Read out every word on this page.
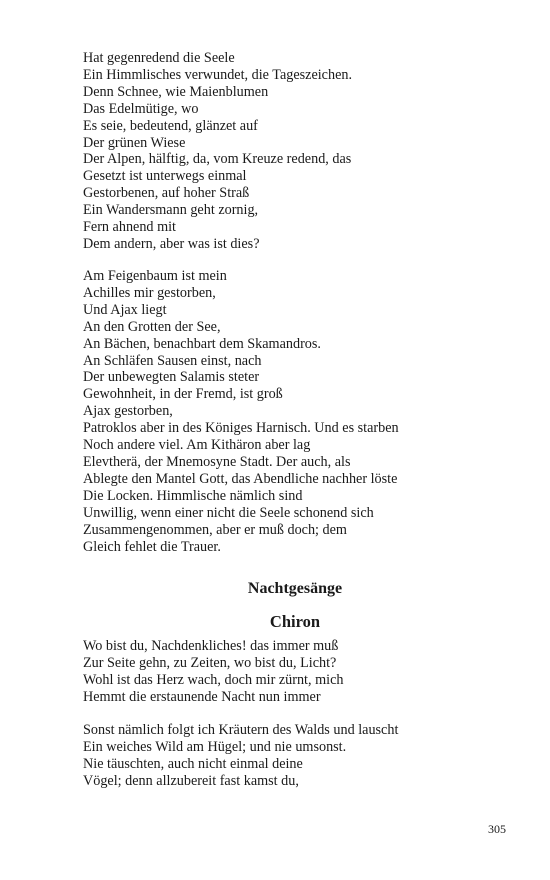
Hat gegenredend die Seele
Ein Himmlisches verwundet, die Tageszeichen.
Denn Schnee, wie Maienblumen
Das Edelmütige, wo
Es seie, bedeutend, glänzet auf
Der grünen Wiese
Der Alpen, hälftig, da, vom Kreuze redend, das
Gesetzt ist unterwegs einmal
Gestorbenen, auf hoher Straß
Ein Wandersmann geht zornig,
Fern ahnend mit
Dem andern, aber was ist dies?
Am Feigenbaum ist mein
Achilles mir gestorben,
Und Ajax liegt
An den Grotten der See,
An Bächen, benachbart dem Skamandros.
An Schläfen Sausen einst, nach
Der unbewegten Salamis steter
Gewohnheit, in der Fremd, ist groß
Ajax gestorben,
Patroklos aber in des Königes Harnisch. Und es starben
Noch andere viel. Am Kithäron aber lag
Elevtherä, der Mnemosyne Stadt. Der auch, als
Ablegte den Mantel Gott, das Abendliche nachher löste
Die Locken. Himmlische nämlich sind
Unwillig, wenn einer nicht die Seele schonend sich
Zusammengenommen, aber er muß doch; dem
Gleich fehlet die Trauer.
Nachtgesänge
Chiron
Wo bist du, Nachdenkliches! das immer muß
Zur Seite gehn, zu Zeiten, wo bist du, Licht?
Wohl ist das Herz wach, doch mir zürnt, mich
Hemmt die erstaunende Nacht nun immer
Sonst nämlich folgt ich Kräutern des Walds und lauscht
Ein weiches Wild am Hügel; und nie umsonst.
Nie täuschten, auch nicht einmal deine
Vögel; denn allzubereit fast kamst du,
305
